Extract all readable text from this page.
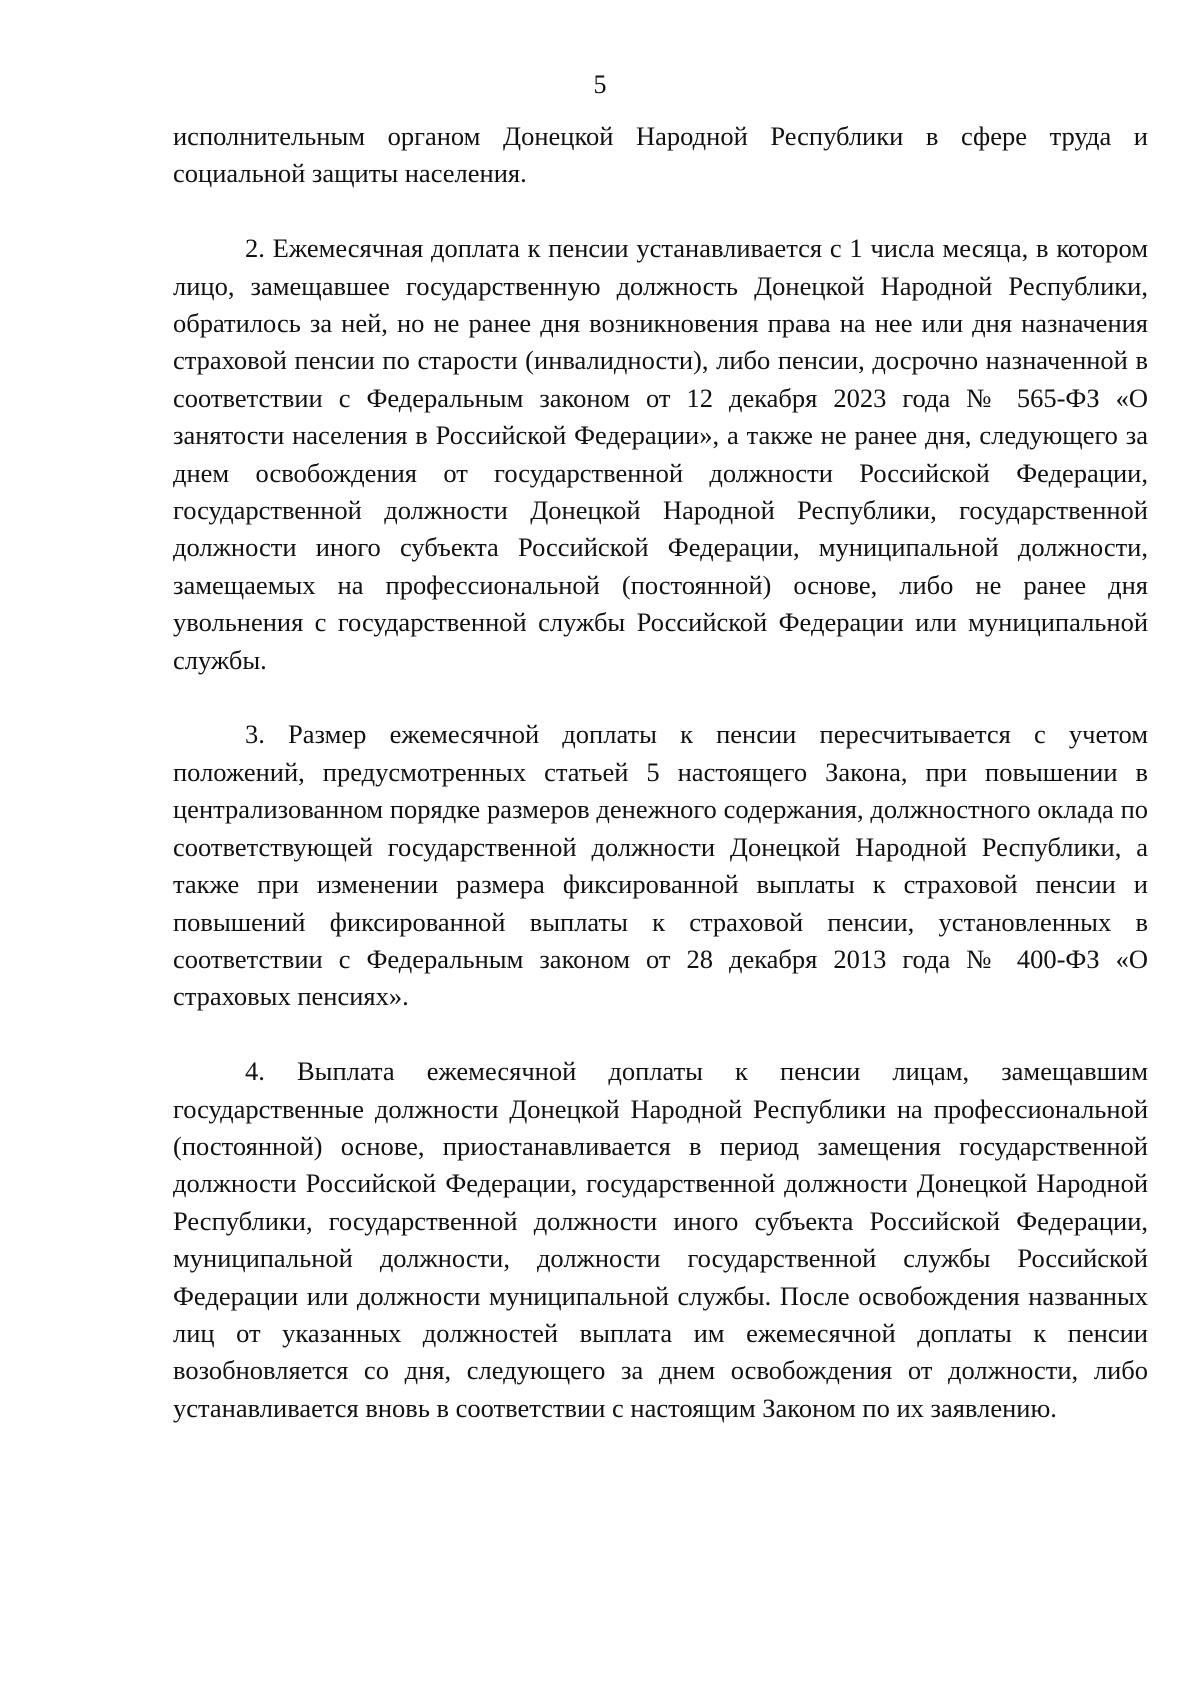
5

исполнительным органом Донецкой Народной Республики в сфере труда и социальной защиты населения.

2. Ежемесячная доплата к пенсии устанавливается с 1 числа месяца, в котором лицо, замещавшее государственную должность Донецкой Народной Республики, обратилось за ней, но не ранее дня возникновения права на нее или дня назначения страховой пенсии по старости (инвалидности), либо пенсии, досрочно назначенной в соответствии с Федеральным законом от 12 декабря 2023 года № 565-ФЗ «О занятости населения в Российской Федерации», а также не ранее дня, следующего за днем освобождения от государственной должности Российской Федерации, государственной должности Донецкой Народной Республики, государственной должности иного субъекта Российской Федерации, муниципальной должности, замещаемых на профессиональной (постоянной) основе, либо не ранее дня увольнения с государственной службы Российской Федерации или муниципальной службы.

3. Размер ежемесячной доплаты к пенсии пересчитывается с учетом положений, предусмотренных статьей 5 настоящего Закона, при повышении в централизованном порядке размеров денежного содержания, должностного оклада по соответствующей государственной должности Донецкой Народной Республики, а также при изменении размера фиксированной выплаты к страховой пенсии и повышений фиксированной выплаты к страховой пенсии, установленных в соответствии с Федеральным законом от 28 декабря 2013 года № 400-ФЗ «О страховых пенсиях».

4. Выплата ежемесячной доплаты к пенсии лицам, замещавшим государственные должности Донецкой Народной Республики на профессиональной (постоянной) основе, приостанавливается в период замещения государственной должности Российской Федерации, государственной должности Донецкой Народной Республики, государственной должности иного субъекта Российской Федерации, муниципальной должности, должности государственной службы Российской Федерации или должности муниципальной службы. После освобождения названных лиц от указанных должностей выплата им ежемесячной доплаты к пенсии возобновляется со дня, следующего за днем освобождения от должности, либо устанавливается вновь в соответствии с настоящим Законом по их заявлению.
